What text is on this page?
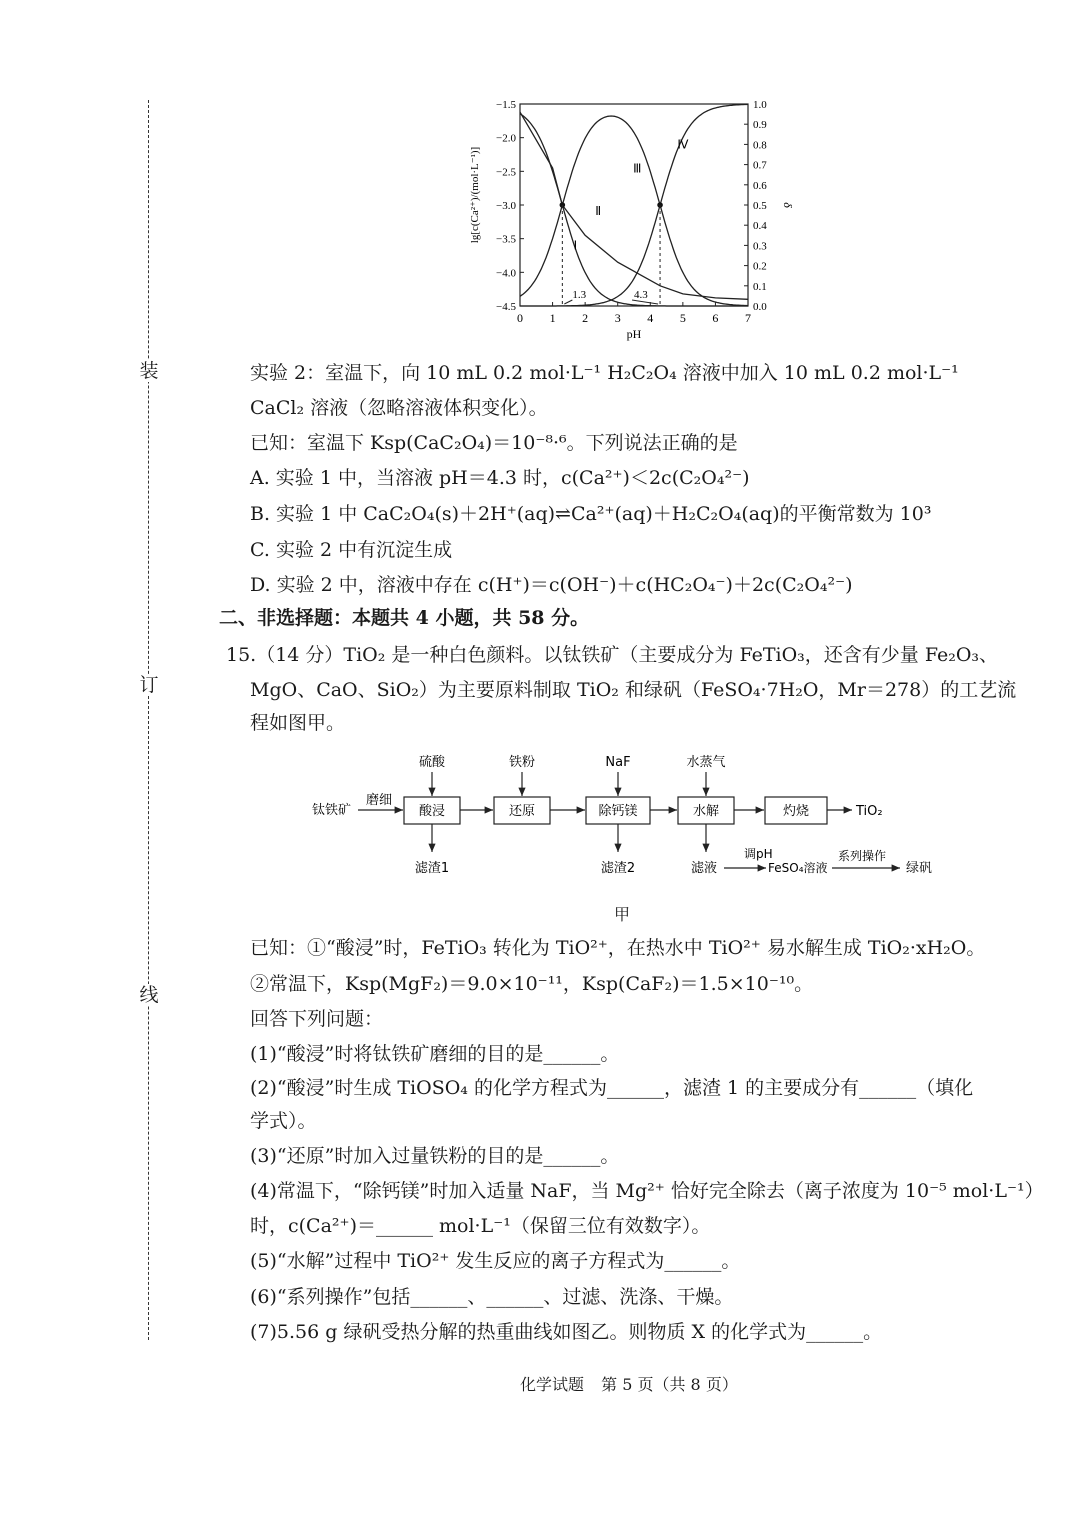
装
订
线
0 1 2 3 4 5 6 7
−1.5
−2.0
−2.5
−3.0
−3.5
−4.0
−4.5
1.0
0.9
0.8
0.7
0.6
0.5
0.4
0.3
0.2
0.1
0.0
pH
lg[c(Ca²⁺)/(mol·L⁻¹)]	δ
1.3	4.3
Ⅰ
Ⅱ
Ⅲ
Ⅳ
实验 2：室温下，向 10 mL 0.2 mol·L⁻¹ H₂C₂O₄ 溶液中加入 10 mL 0.2 mol·L⁻¹
CaCl₂ 溶液（忽略溶液体积变化）。
已知：室温下 Ksp(CaC₂O₄)＝10⁻⁸·⁶。下列说法正确的是
A. 实验 1 中，当溶液 pH＝4.3 时，c(Ca²⁺)＜2c(C₂O₄²⁻)
B. 实验 1 中 CaC₂O₄(s)＋2H⁺(aq)⇌Ca²⁺(aq)＋H₂C₂O₄(aq)的平衡常数为 10³
C. 实验 2 中有沉淀生成
D. 实验 2 中，溶液中存在 c(H⁺)＝c(OH⁻)＋c(HC₂O₄⁻)＋2c(C₂O₄²⁻)
二、非选择题：本题共 4 小题，共 58 分。
15.（14 分）TiO₂ 是一种白色颜料。以钛铁矿（主要成分为 FeTiO₃，还含有少量 Fe₂O₃、
MgO、CaO、SiO₂）为主要原料制取 TiO₂ 和绿矾（FeSO₄·7H₂O，Mr＝278）的工艺流
程如图甲。
钛铁矿
磨细
酸浸	还原	除钙镁	水解	灼烧	TiO₂
硫酸	铁粉	NaF	水蒸气
滤渣1	滤渣2	滤液
调pH
FeSO₄溶液
系列操作
绿矾
甲
已知：①“酸浸”时，FeTiO₃ 转化为 TiO²⁺，在热水中 TiO²⁺ 易水解生成 TiO₂·xH₂O。
②常温下，Ksp(MgF₂)＝9.0×10⁻¹¹，Ksp(CaF₂)＝1.5×10⁻¹⁰。
回答下列问题：
(1)“酸浸”时将钛铁矿磨细的目的是______。
(2)“酸浸”时生成 TiOSO₄ 的化学方程式为______，滤渣 1 的主要成分有______（填化
学式）。
(3)“还原”时加入过量铁粉的目的是______。
(4)常温下，“除钙镁”时加入适量 NaF，当 Mg²⁺ 恰好完全除去（离子浓度为 10⁻⁵ mol·L⁻¹）
时，c(Ca²⁺)＝______ mol·L⁻¹（保留三位有效数字）。
(5)“水解”过程中 TiO²⁺ 发生反应的离子方程式为______。
(6)“系列操作”包括______、______、过滤、洗涤、干燥。
(7)5.56 g 绿矾受热分解的热重曲线如图乙。则物质 X 的化学式为______。
化学试题 第 5 页（共 8 页）
